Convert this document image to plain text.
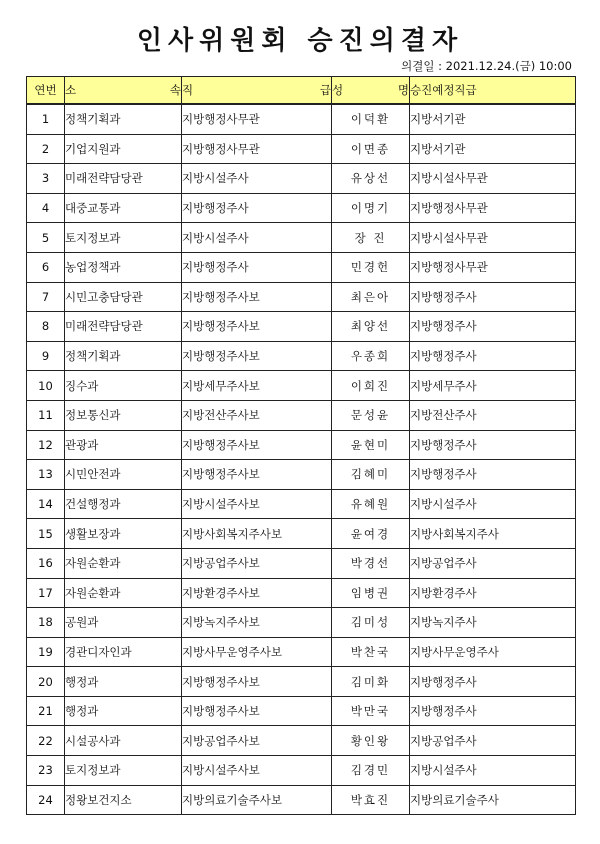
인사위원회 승진의결자
의결일 : 2021.12.24.(금) 10:00
연번	소 속	직 급	성 명	승진예정직급
1	정책기획과	지방행정사무관	이덕환	지방서기관
2	기업지원과	지방행정사무관	이면종	지방서기관
3	미래전략담당관	지방시설주사	유상선	지방시설사무관
4	대중교통과	지방행정주사	이명기	지방행정사무관
5	토지정보과	지방시설주사	장 진	지방시설사무관
6	농업정책과	지방행정주사	민경헌	지방행정사무관
7	시민고충담당관	지방행정주사보	최은아	지방행정주사
8	미래전략담당관	지방행정주사보	최양선	지방행정주사
9	정책기획과	지방행정주사보	우종희	지방행정주사
10	징수과	지방세무주사보	이희진	지방세무주사
11	정보통신과	지방전산주사보	문성윤	지방전산주사
12	관광과	지방행정주사보	윤현미	지방행정주사
13	시민안전과	지방행정주사보	김혜미	지방행정주사
14	건설행정과	지방시설주사보	유혜원	지방시설주사
15	생활보장과	지방사회복지주사보	윤여경	지방사회복지주사
16	자원순환과	지방공업주사보	박경선	지방공업주사
17	자원순환과	지방환경주사보	임병권	지방환경주사
18	공원과	지방녹지주사보	김미성	지방녹지주사
19	경관디자인과	지방사무운영주사보	박찬국	지방사무운영주사
20	행정과	지방행정주사보	김미화	지방행정주사
21	행정과	지방행정주사보	박만국	지방행정주사
22	시설공사과	지방공업주사보	황인왕	지방공업주사
23	토지정보과	지방시설주사보	김경민	지방시설주사
24	정왕보건지소	지방의료기술주사보	박효진	지방의료기술주사
